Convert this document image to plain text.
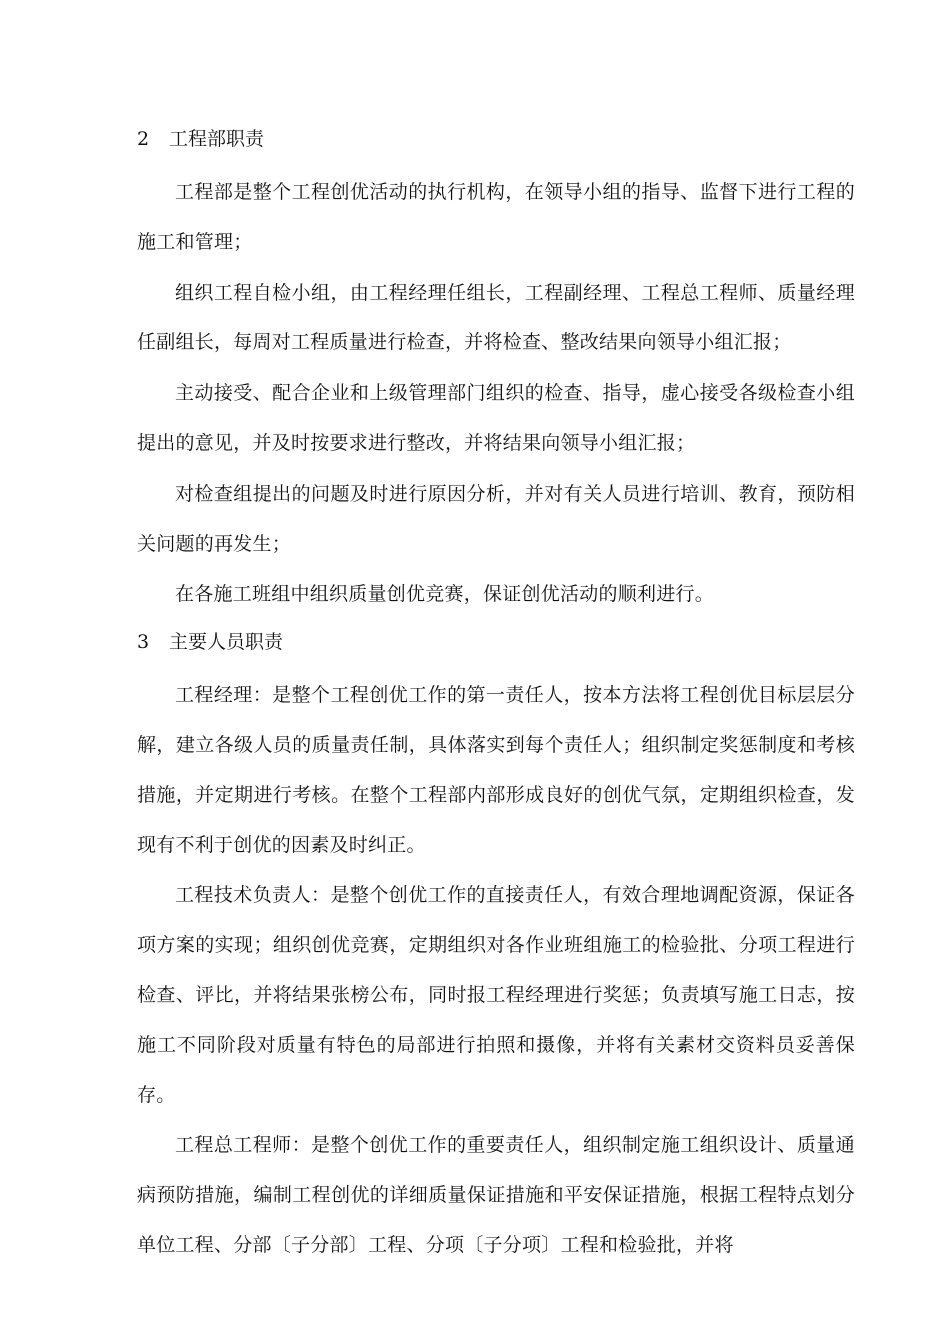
2 工程部职责

工程部是整个工程创优活动的执行机构，在领导小组的指导、监督下进行工程的施工和管理；

组织工程自检小组，由工程经理任组长，工程副经理、工程总工程师、质量经理任副组长，每周对工程质量进行检查，并将检查、整改结果向领导小组汇报；

主动接受、配合企业和上级管理部门组织的检查、指导，虚心接受各级检查小组提出的意见，并及时按要求进行整改，并将结果向领导小组汇报；

对检查组提出的问题及时进行原因分析，并对有关人员进行培训、教育，预防相关问题的再发生；

在各施工班组中组织质量创优竞赛，保证创优活动的顺利进行。

3 主要人员职责

工程经理：是整个工程创优工作的第一责任人，按本方法将工程创优目标层层分解，建立各级人员的质量责任制，具体落实到每个责任人；组织制定奖惩制度和考核措施，并定期进行考核。在整个工程部内部形成良好的创优气氛，定期组织检查，发现有不利于创优的因素及时纠正。

工程技术负责人：是整个创优工作的直接责任人，有效合理地调配资源，保证各项方案的实现；组织创优竞赛，定期组织对各作业班组施工的检验批、分项工程进行检查、评比，并将结果张榜公布，同时报工程经理进行奖惩；负责填写施工日志，按施工不同阶段对质量有特色的局部进行拍照和摄像，并将有关素材交资料员妥善保存。

工程总工程师：是整个创优工作的重要责任人，组织制定施工组织设计、质量通病预防措施，编制工程创优的详细质量保证措施和平安保证措施，根据工程特点划分单位工程、分部〔子分部〕工程、分项〔子分项〕工程和检验批，并将
